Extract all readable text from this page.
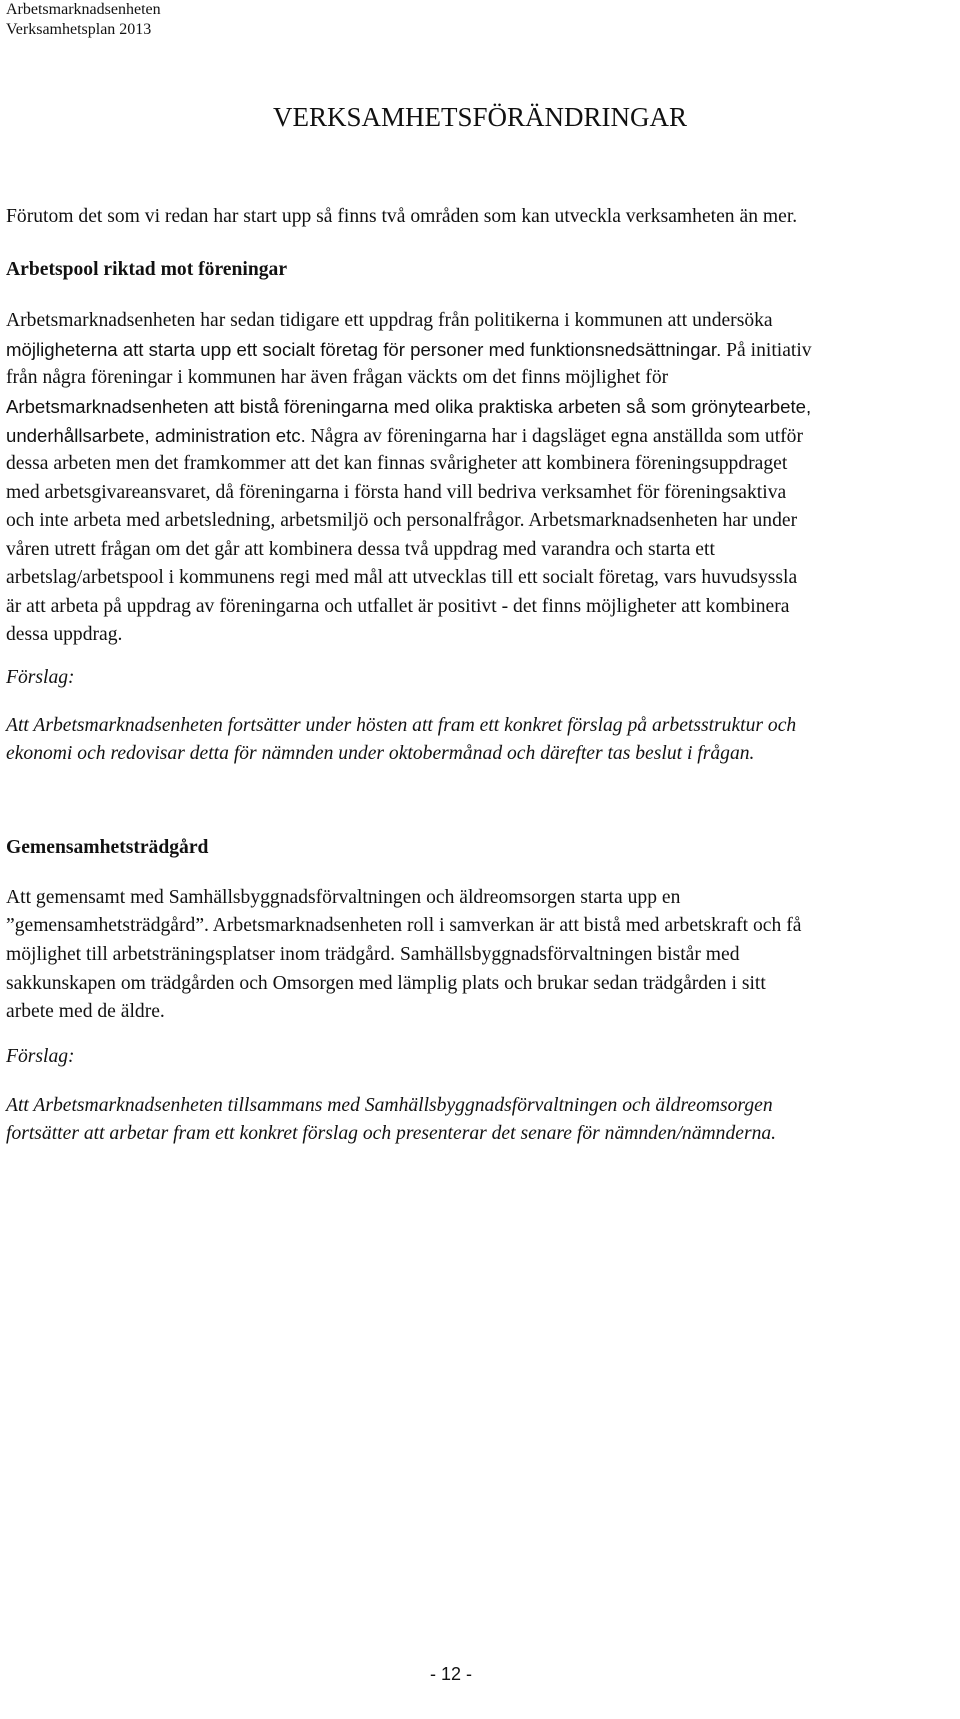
Arbetsmarknadsenheten
Verksamhetsplan 2013
VERKSAMHETSFÖRÄNDRINGAR

Förutom det som vi redan har start upp så finns två områden som kan utveckla verksamheten än mer.

Arbetspool riktad mot föreningar

Arbetsmarknadsenheten har sedan tidigare ett uppdrag från politikerna i kommunen att undersöka

möjligheterna att starta upp ett socialt företag för personer med funktionsnedsättningar. På initiativ

från några föreningar i kommunen har även frågan väckts om det finns möjlighet för

Arbetsmarknadsenheten att bistå föreningarna med olika praktiska arbeten så som grönytearbete,

underhållsarbete, administration etc. Några av föreningarna har i dagsläget egna anställda som utför

dessa arbeten men det framkommer att det kan finnas svårigheter att kombinera föreningsuppdraget

med arbetsgivareansvaret, då föreningarna i första hand vill bedriva verksamhet för föreningsaktiva

och inte arbeta med arbetsledning, arbetsmiljö och personalfrågor. Arbetsmarknadsenheten har under

våren utrett frågan om det går att kombinera dessa två uppdrag med varandra och starta ett

arbetslag/arbetspool i kommunens regi med mål att utvecklas till ett socialt företag, vars huvudsyssla

är att arbeta på uppdrag av föreningarna och utfallet är positivt - det finns möjligheter att kombinera

dessa uppdrag.

Förslag:

Att Arbetsmarknadsenheten fortsätter under hösten att fram ett konkret förslag på arbetsstruktur och

ekonomi och redovisar detta för nämnden under oktobermånad och därefter tas beslut i frågan.

Gemensamhetsträdgård

Att gemensamt med Samhällsbyggnadsförvaltningen och äldreomsorgen starta upp en

”gemensamhetsträdgård”. Arbetsmarknadsenheten roll i samverkan är att bistå med arbetskraft och få

möjlighet till arbetsträningsplatser inom trädgård. Samhällsbyggnadsförvaltningen bistår med

sakkunskapen om trädgården och Omsorgen med lämplig plats och brukar sedan trädgården i sitt

arbete med de äldre.

Förslag:

Att Arbetsmarknadsenheten tillsammans med Samhällsbyggnadsförvaltningen och äldreomsorgen

fortsätter att arbetar fram ett konkret förslag och presenterar det senare för nämnden/nämnderna.

- 12 -
